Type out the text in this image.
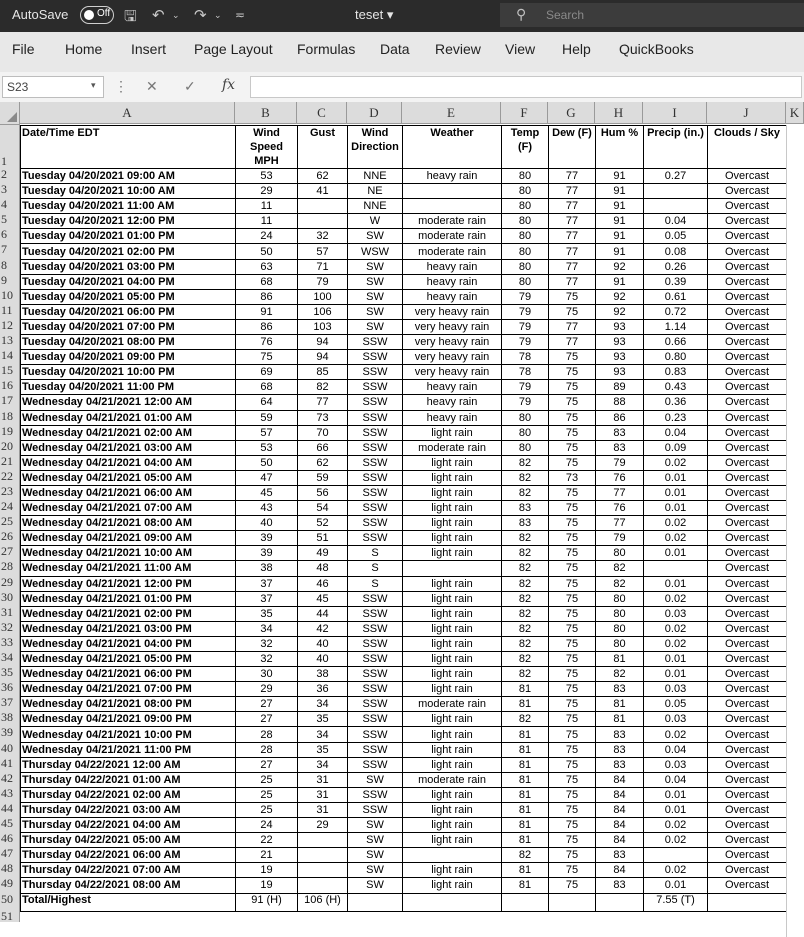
AutoSave	Off 🖫 ↶ ⌄ ↷ ⌄ ≂	teset ▾	⚲ Search
File Home Insert Page Layout Formulas Data Review View Help QuickBooks
S23	▾ ⋮ ✕ ✓ fx
A	B	C	D	E	F	G	H	I	J	K
1
2
3
4
5
6
7
8
9
10
11
12
13
14
15
16
17
18
19
20
21
22
23
24
25
26
27
28
29
30
31
32
33
34
35
36
37
38
39
40
41
42
43
44
45
46
47
48
49
50
51
Date/Time EDT	Wind Speed MPH	Gust	Wind Direction	Weather	Temp (F)	Dew (F)	Hum %	Precip (in.)	Clouds / Sky
Tuesday 04/20/2021 09:00 AM	53	62	NNE	heavy rain	80	77	91	0.27	Overcast
Tuesday 04/20/2021 10:00 AM	29	41	NE		80	77	91		Overcast
Tuesday 04/20/2021 11:00 AM	11		NNE		80	77	91		Overcast
Tuesday 04/20/2021 12:00 PM	11		W	moderate rain	80	77	91	0.04	Overcast
Tuesday 04/20/2021 01:00 PM	24	32	SW	moderate rain	80	77	91	0.05	Overcast
Tuesday 04/20/2021 02:00 PM	50	57	WSW	moderate rain	80	77	91	0.08	Overcast
Tuesday 04/20/2021 03:00 PM	63	71	SW	heavy rain	80	77	92	0.26	Overcast
Tuesday 04/20/2021 04:00 PM	68	79	SW	heavy rain	80	77	91	0.39	Overcast
Tuesday 04/20/2021 05:00 PM	86	100	SW	heavy rain	79	75	92	0.61	Overcast
Tuesday 04/20/2021 06:00 PM	91	106	SW	very heavy rain	79	75	92	0.72	Overcast
Tuesday 04/20/2021 07:00 PM	86	103	SW	very heavy rain	79	77	93	1.14	Overcast
Tuesday 04/20/2021 08:00 PM	76	94	SSW	very heavy rain	79	77	93	0.66	Overcast
Tuesday 04/20/2021 09:00 PM	75	94	SSW	very heavy rain	78	75	93	0.80	Overcast
Tuesday 04/20/2021 10:00 PM	69	85	SSW	very heavy rain	78	75	93	0.83	Overcast
Tuesday 04/20/2021 11:00 PM	68	82	SSW	heavy rain	79	75	89	0.43	Overcast
Wednesday 04/21/2021 12:00 AM	64	77	SSW	heavy rain	79	75	88	0.36	Overcast
Wednesday 04/21/2021 01:00 AM	59	73	SSW	heavy rain	80	75	86	0.23	Overcast
Wednesday 04/21/2021 02:00 AM	57	70	SSW	light rain	80	75	83	0.04	Overcast
Wednesday 04/21/2021 03:00 AM	53	66	SSW	moderate rain	80	75	83	0.09	Overcast
Wednesday 04/21/2021 04:00 AM	50	62	SSW	light rain	82	75	79	0.02	Overcast
Wednesday 04/21/2021 05:00 AM	47	59	SSW	light rain	82	73	76	0.01	Overcast
Wednesday 04/21/2021 06:00 AM	45	56	SSW	light rain	82	75	77	0.01	Overcast
Wednesday 04/21/2021 07:00 AM	43	54	SSW	light rain	83	75	76	0.01	Overcast
Wednesday 04/21/2021 08:00 AM	40	52	SSW	light rain	83	75	77	0.02	Overcast
Wednesday 04/21/2021 09:00 AM	39	51	SSW	light rain	82	75	79	0.02	Overcast
Wednesday 04/21/2021 10:00 AM	39	49	S	light rain	82	75	80	0.01	Overcast
Wednesday 04/21/2021 11:00 AM	38	48	S		82	75	82		Overcast
Wednesday 04/21/2021 12:00 PM	37	46	S	light rain	82	75	82	0.01	Overcast
Wednesday 04/21/2021 01:00 PM	37	45	SSW	light rain	82	75	80	0.02	Overcast
Wednesday 04/21/2021 02:00 PM	35	44	SSW	light rain	82	75	80	0.03	Overcast
Wednesday 04/21/2021 03:00 PM	34	42	SSW	light rain	82	75	80	0.02	Overcast
Wednesday 04/21/2021 04:00 PM	32	40	SSW	light rain	82	75	80	0.02	Overcast
Wednesday 04/21/2021 05:00 PM	32	40	SSW	light rain	82	75	81	0.01	Overcast
Wednesday 04/21/2021 06:00 PM	30	38	SSW	light rain	82	75	82	0.01	Overcast
Wednesday 04/21/2021 07:00 PM	29	36	SSW	light rain	81	75	83	0.03	Overcast
Wednesday 04/21/2021 08:00 PM	27	34	SSW	moderate rain	81	75	81	0.05	Overcast
Wednesday 04/21/2021 09:00 PM	27	35	SSW	light rain	82	75	81	0.03	Overcast
Wednesday 04/21/2021 10:00 PM	28	34	SSW	light rain	81	75	83	0.02	Overcast
Wednesday 04/21/2021 11:00 PM	28	35	SSW	light rain	81	75	83	0.04	Overcast
Thursday 04/22/2021 12:00 AM	27	34	SSW	light rain	81	75	83	0.03	Overcast
Thursday 04/22/2021 01:00 AM	25	31	SW	moderate rain	81	75	84	0.04	Overcast
Thursday 04/22/2021 02:00 AM	25	31	SSW	light rain	81	75	84	0.01	Overcast
Thursday 04/22/2021 03:00 AM	25	31	SSW	light rain	81	75	84	0.01	Overcast
Thursday 04/22/2021 04:00 AM	24	29	SW	light rain	81	75	84	0.02	Overcast
Thursday 04/22/2021 05:00 AM	22		SW	light rain	81	75	84	0.02	Overcast
Thursday 04/22/2021 06:00 AM	21		SW		82	75	83		Overcast
Thursday 04/22/2021 07:00 AM	19		SW	light rain	81	75	84	0.02	Overcast
Thursday 04/22/2021 08:00 AM	19		SW	light rain	81	75	83	0.01	Overcast
Total/Highest	91 (H)	106 (H)						7.55 (T)	
